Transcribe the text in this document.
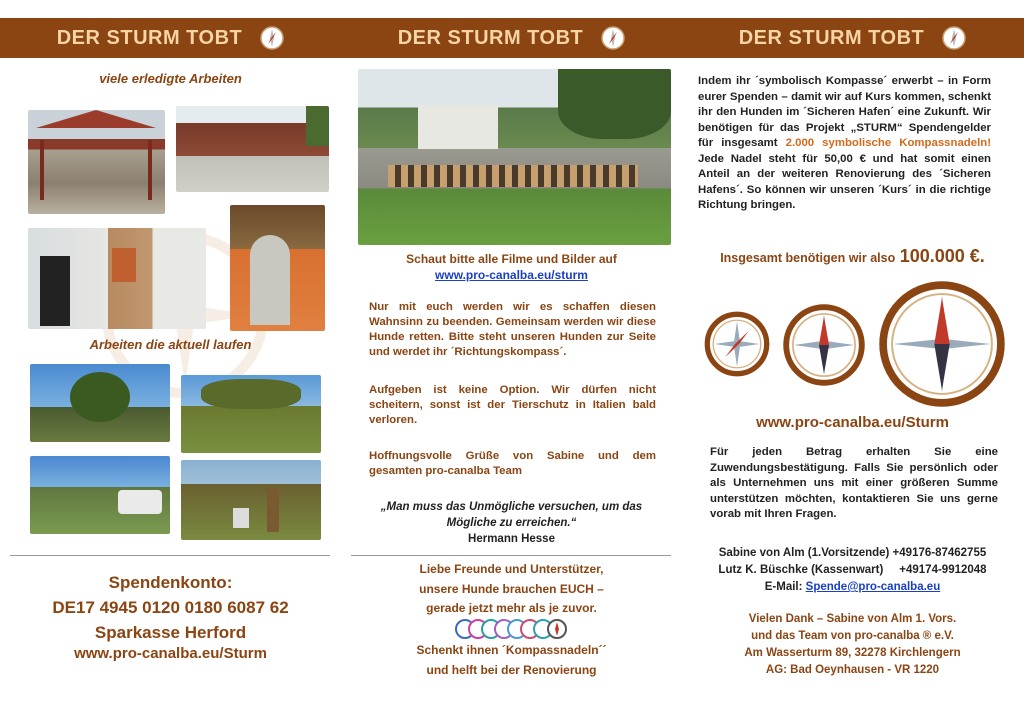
DER STURM TOBT	DER STURM TOBT	DER STURM TOBT
viele erledigte Arbeiten
Arbeiten die aktuell laufen
Spendenkonto:
DE17 4945 0120 0180 6087 62
Sparkasse Herford
www.pro-canalba.eu/Sturm
Schaut bitte alle Filme und Bilder auf
www.pro-canalba.eu/sturm
Nur mit euch werden wir es schaffen diesen Wahnsinn zu beenden. Gemeinsam werden wir diese Hunde retten. Bitte steht unseren Hunden zur Seite und werdet ihr ´Richtungskompass´.
Aufgeben ist keine Option. Wir dürfen nicht scheitern, sonst ist der Tierschutz in Italien bald verloren.
Hoffnungsvolle Grüße von Sabine und dem gesamten pro-canalba Team
„Man muss das Unmögliche versuchen, um das
Mögliche zu erreichen.“
Hermann Hesse
Liebe Freunde und Unterstützer,
unsere Hunde brauchen EUCH –
gerade jetzt mehr als je zuvor.
Schenkt ihnen ´Kompassnadeln´´
und helft bei der Renovierung
Indem ihr ´symbolisch Kompasse´ erwerbt – in Form eurer Spenden – damit wir auf Kurs kommen, schenkt ihr den Hunden im ´Sicheren Hafen´ eine Zukunft. Wir benötigen für das Projekt „STURM“ Spendengelder für insgesamt 2.000 symbolische Kompassnadeln! Jede Nadel steht für 50,00 € und hat somit einen Anteil an der weiteren Renovierung des ´Sicheren Hafens´. So können wir unseren ´Kurs´ in die richtige Richtung bringen.
Insgesamt benötigen wir also 100.000 €.
www.pro-canalba.eu/Sturm
Für jeden Betrag erhalten Sie eine Zuwendungsbestätigung. Falls Sie persönlich oder als Unternehmen uns mit einer größeren Summe unterstützen möchten, kontaktieren Sie uns gerne vorab mit Ihren Fragen.
Sabine von Alm (1.Vorsitzende) +49176-87462755
Lutz K. Büschke (Kassenwart) +49174-9912048
E-Mail: Spende@pro-canalba.eu
Vielen Dank – Sabine von Alm 1. Vors.
und das Team von pro-canalba ® e.V.
Am Wasserturm 89, 32278 Kirchlengern
AG: Bad Oeynhausen - VR 1220
